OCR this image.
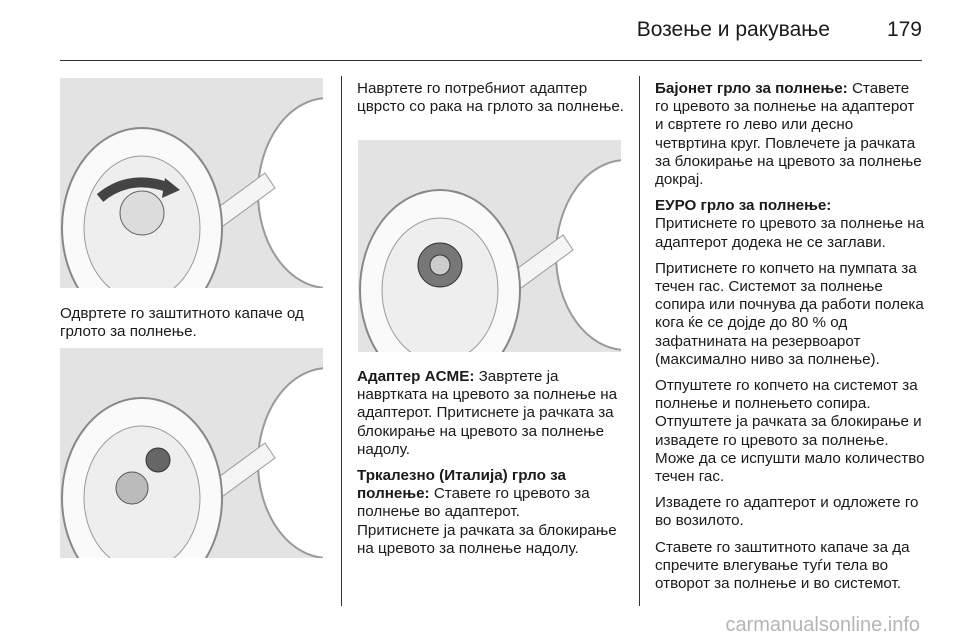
Возење и ракување	179

Одвртете го заштитното капаче од грлото за полнење.

Навртете го потребниот адаптер цврсто со рака на грлото за полнење.

Адаптер ACME: Завртете ја навртката на цревото за полнење на адаптерот. Притиснете ја рачката за блокирање на цревото за полнење надолу.

Тркалезно (Италија) грло за полнење: Ставете го цревото за полнење во адаптерот.

Притиснете ја рачката за блокирање на цревото за полнење надолу.

Бајонет грло за полнење: Ставете го цревото за полнење на адаптерот и свртете го лево или десно четвртина круг. Повлечете ја рачката за блокирање на цревото за полнење докрај.

ЕУРО грло за полнење:
Притиснете го цревото за полнење на адаптерот додека не се заглави.

Притиснете го копчето на пумпата за течен гас. Системот за полнење сопира или почнува да работи полека кога ќе се дојде до 80 % од зафатнината на резервоарот (максимално ниво за полнење).

Отпуштете го копчето на системот за полнење и полнењето сопира. Отпуштете ја рачката за блокирање и извадете го цревото за полнење. Може да се испушти мало количество течен гас.

Извадете го адаптерот и одложете го во возилото.

Ставете го заштитното капаче за да спречите влегување туѓи тела во отворот за полнење и во системот.

carmanualsonline.info
